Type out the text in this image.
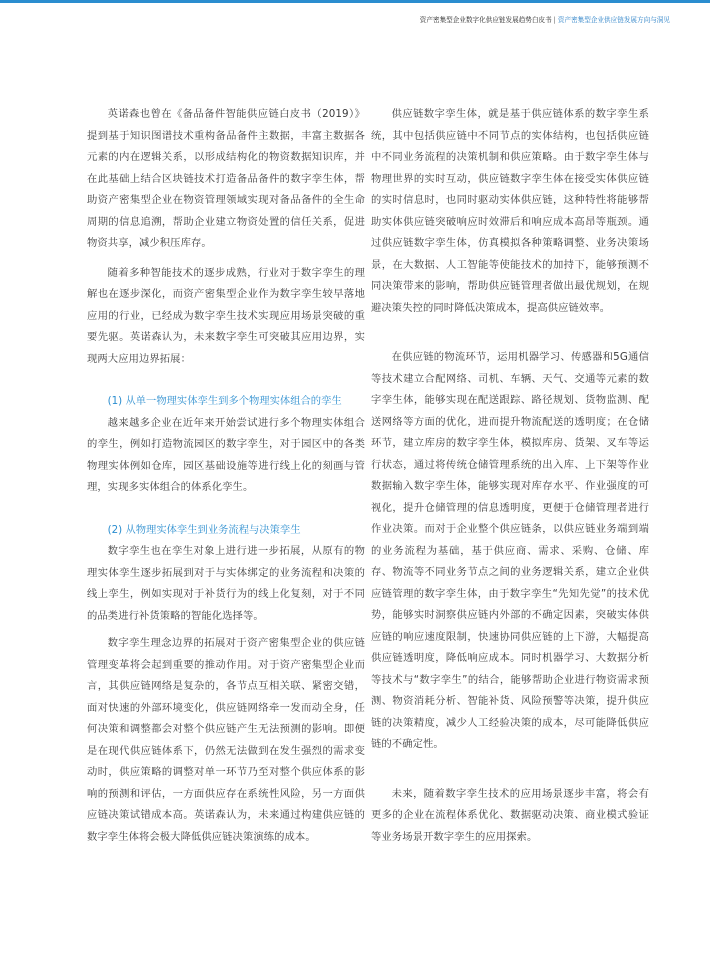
资产密集型企业数字化供应链发展趋势白皮书 | 资产密集型企业供应链发展方向与洞见

英诺森也曾在《备品备件智能供应链白皮书（2019）》提到基于知识图谱技术重构备品备件主数据，丰富主数据各元素的内在逻辑关系，以形成结构化的物资数据知识库，并在此基础上结合区块链技术打造备品备件的数字孪生体，帮助资产密集型企业在物资管理领域实现对备品备件的全生命周期的信息追溯，帮助企业建立物资处置的信任关系，促进物资共享，减少积压库存。

随着多种智能技术的逐步成熟，行业对于数字孪生的理解也在逐步深化，而资产密集型企业作为数字孪生较早落地应用的行业，已经成为数字孪生技术实现应用场景突破的重要先驱。英诺森认为，未来数字孪生可突破其应用边界，实现两大应用边界拓展：

(1) 从单一物理实体孪生到多个物理实体组合的孪生

越来越多企业在近年来开始尝试进行多个物理实体组合的孪生，例如打造物流园区的数字孪生，对于园区中的各类物理实体例如仓库，园区基础设施等进行线上化的刻画与管理，实现多实体组合的体系化孪生。

(2) 从物理实体孪生到业务流程与决策孪生

数字孪生也在孪生对象上进行进一步拓展，从原有的物理实体孪生逐步拓展到对于与实体绑定的业务流程和决策的线上孪生，例如实现对于补货行为的线上化复刻，对于不同的品类进行补货策略的智能化选择等。

数字孪生理念边界的拓展对于资产密集型企业的供应链管理变革将会起到重要的推动作用。对于资产密集型企业而言，其供应链网络是复杂的，各节点互相关联、紧密交错，面对快速的外部环境变化，供应链网络牵一发而动全身，任何决策和调整都会对整个供应链产生无法预测的影响。即便是在现代供应链体系下，仍然无法做到在发生强烈的需求变动时，供应策略的调整对单一环节乃至对整个供应体系的影响的预测和评估，一方面供应存在系统性风险，另一方面供应链决策试错成本高。英诺森认为，未来通过构建供应链的数字孪生体将会极大降低供应链决策演练的成本。

供应链数字孪生体，就是基于供应链体系的数字孪生系统，其中包括供应链中不同节点的实体结构，也包括供应链中不同业务流程的决策机制和供应策略。由于数字孪生体与物理世界的实时互动，供应链数字孪生体在接受实体供应链的实时信息时，也同时驱动实体供应链，这种特性将能够帮助实体供应链突破响应时效滞后和响应成本高昂等瓶颈。通过供应链数字孪生体，仿真模拟各种策略调整、业务决策场景，在大数据、人工智能等使能技术的加持下，能够预测不同决策带来的影响，帮助供应链管理者做出最优规划，在规避决策失控的同时降低决策成本，提高供应链效率。

在供应链的物流环节，运用机器学习、传感器和5G通信等技术建立合配网络、司机、车辆、天气、交通等元素的数字孪生体，能够实现在配送跟踪、路径规划、货物监测、配送网络等方面的优化，进而提升物流配送的透明度；在仓储环节，建立库房的数字孪生体，模拟库房、货架、叉车等运行状态，通过将传统仓储管理系统的出入库、上下架等作业数据输入数字孪生体，能够实现对库存水平、作业强度的可视化，提升仓储管理的信息透明度，更便于仓储管理者进行作业决策。而对于企业整个供应链条，以供应链业务端到端的业务流程为基础，基于供应商、需求、采购、仓储、库存、物流等不同业务节点之间的业务逻辑关系，建立企业供应链管理的数字孪生体，由于数字孪生“先知先觉”的技术优势，能够实时洞察供应链内外部的不确定因素，突破实体供应链的响应速度限制，快速协同供应链的上下游，大幅提高供应链透明度，降低响应成本。同时机器学习、大数据分析等技术与“数字孪生”的结合，能够帮助企业进行物资需求预测、物资消耗分析、智能补货、风险预警等决策，提升供应链的决策精度，减少人工经验决策的成本，尽可能降低供应链的不确定性。

未来，随着数字孪生技术的应用场景逐步丰富，将会有更多的企业在流程体系优化、数据驱动决策、商业模式验证等业务场景开数字孪生的应用探索。
